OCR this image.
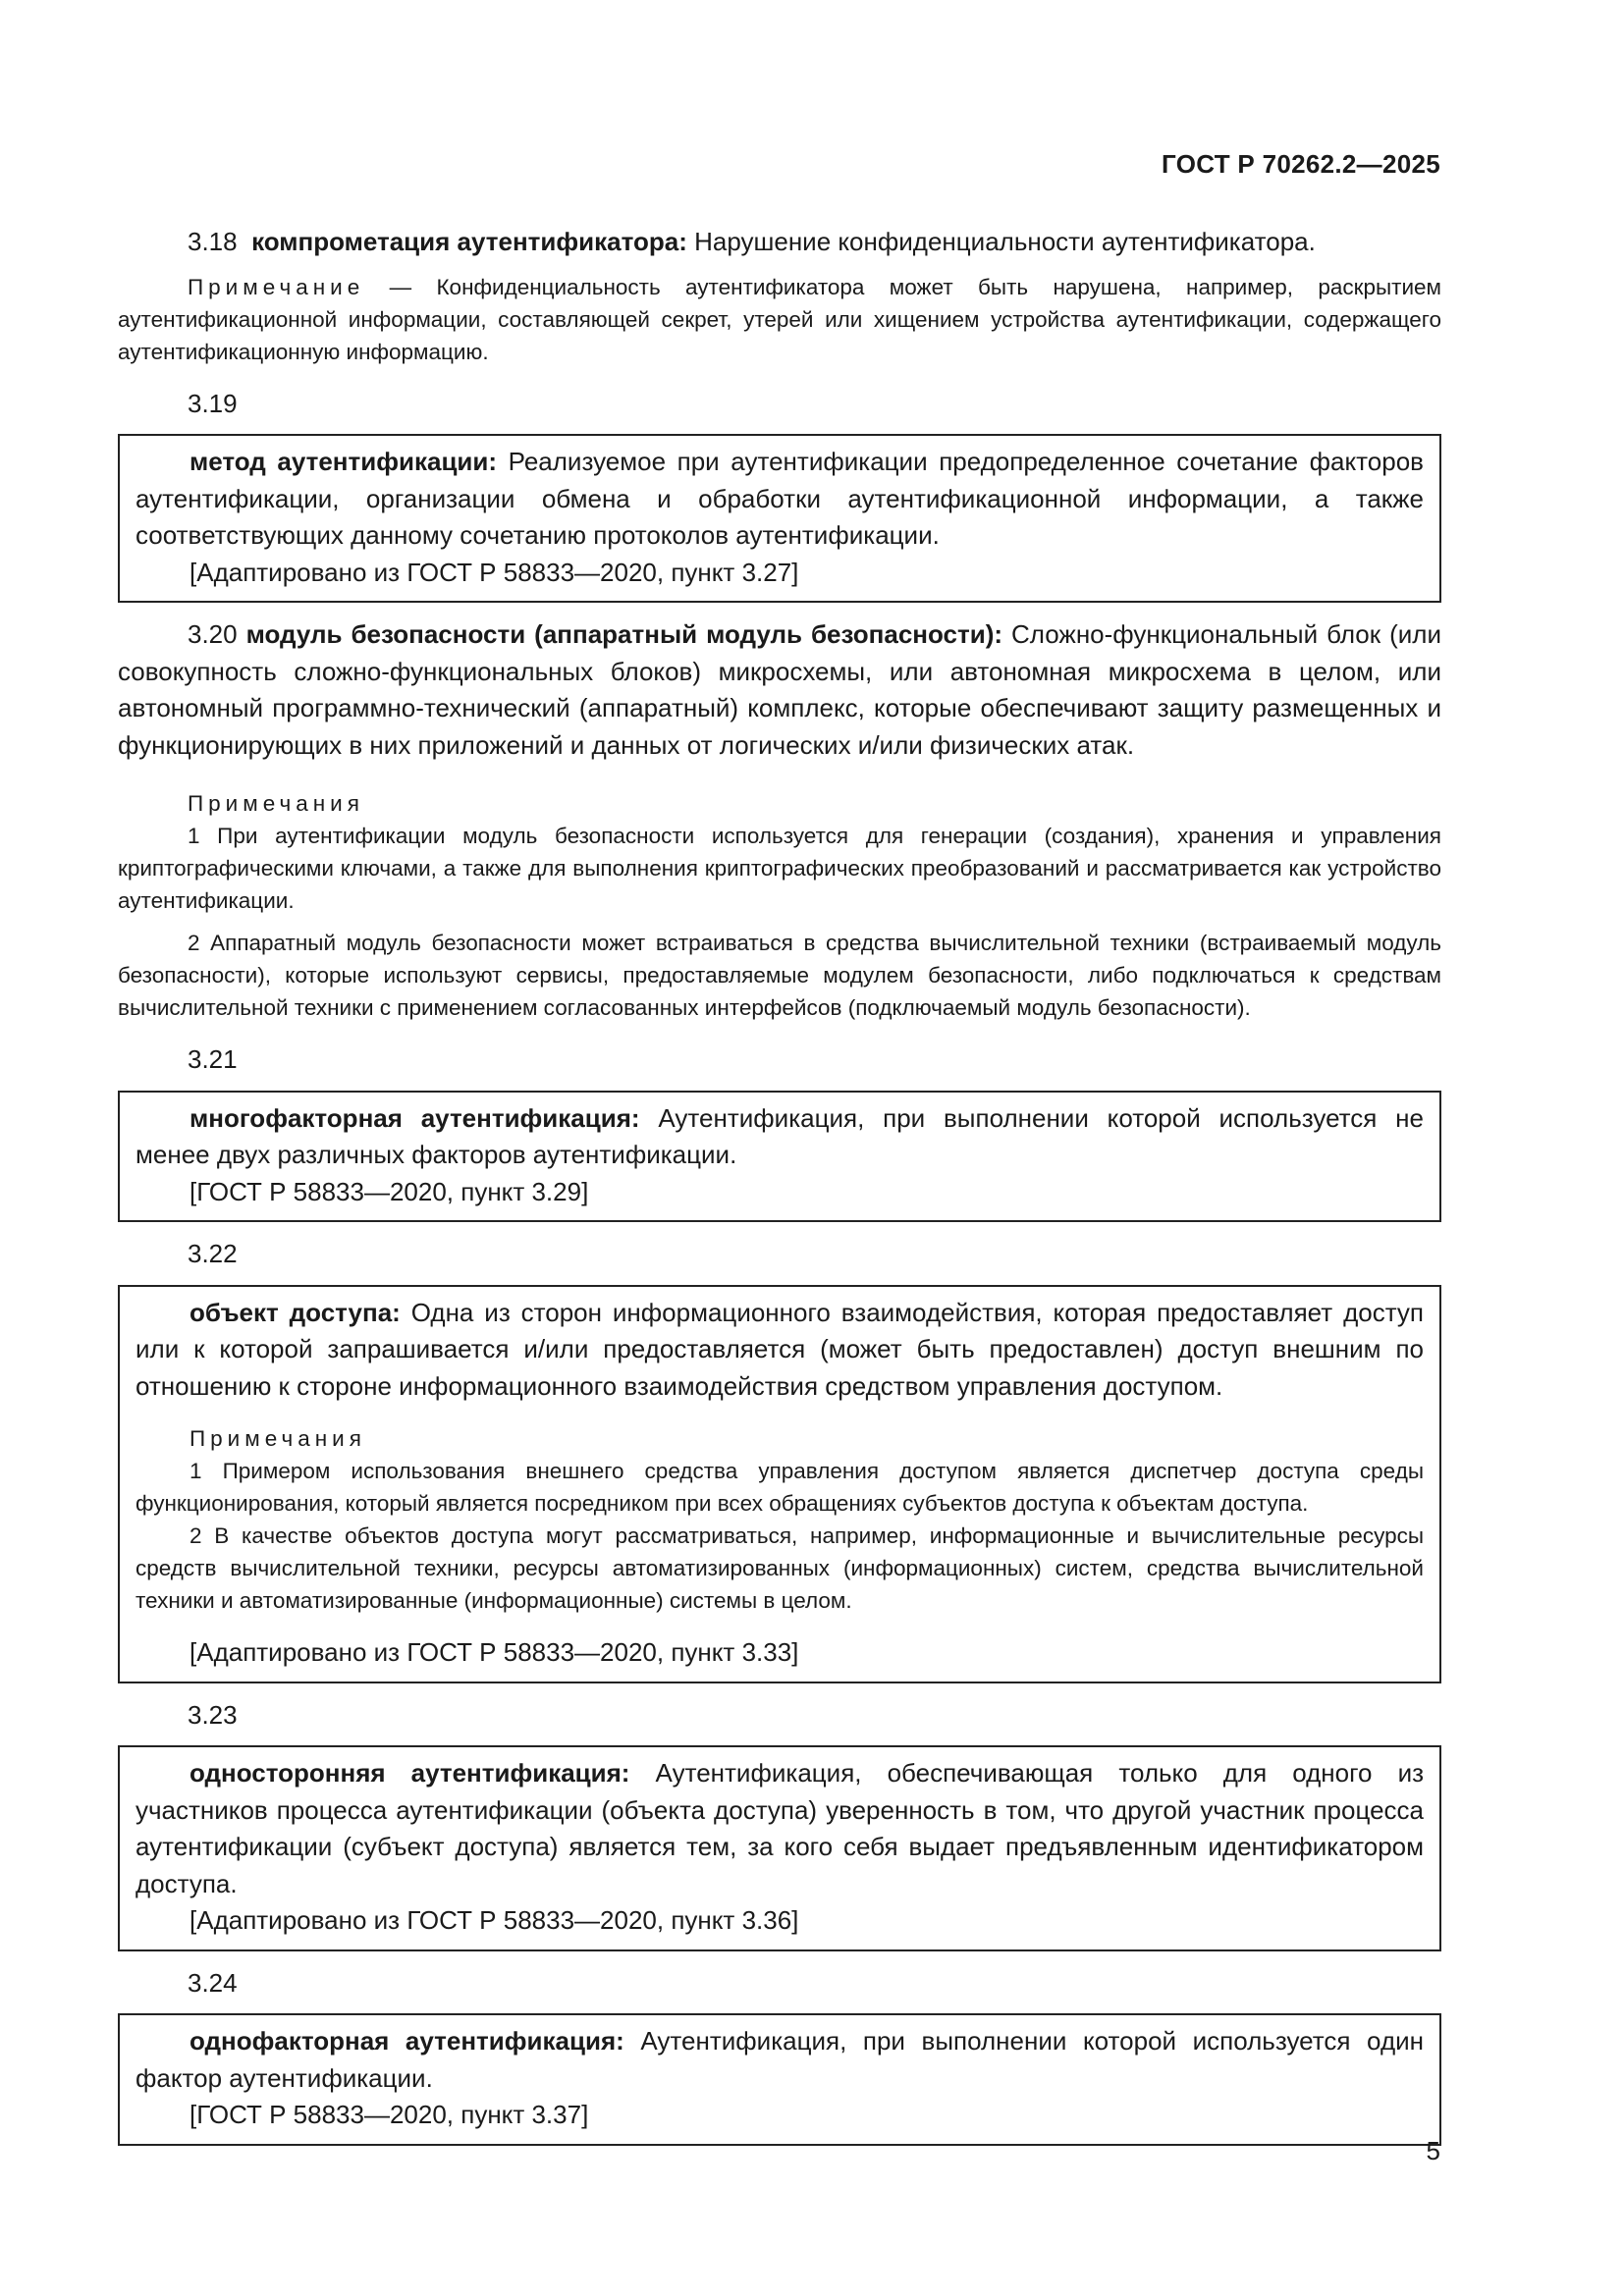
ГОСТ Р 70262.2—2025

3.18 компрометация аутентификатора: Нарушение конфиденциальности аутентификатора.

Примечание — Конфиденциальность аутентификатора может быть нарушена, например, раскрытием аутентификационной информации, составляющей секрет, утерей или хищением устройства аутентификации, содержащего аутентификационную информацию.

3.19

метод аутентификации: Реализуемое при аутентификации предопределенное сочетание факторов аутентификации, организации обмена и обработки аутентификационной информации, а также соответствующих данному сочетанию протоколов аутентификации.

[Адаптировано из ГОСТ Р 58833—2020, пункт 3.27]

3.20 модуль безопасности (аппаратный модуль безопасности): Сложно-функциональный блок (или совокупность сложно-функциональных блоков) микросхемы, или автономная микросхема в целом, или автономный программно-технический (аппаратный) комплекс, которые обеспечивают защиту размещенных и функционирующих в них приложений и данных от логических и/или физических атак.

Примечания

1 При аутентификации модуль безопасности используется для генерации (создания), хранения и управления криптографическими ключами, а также для выполнения криптографических преобразований и рассматривается как устройство аутентификации.

2 Аппаратный модуль безопасности может встраиваться в средства вычислительной техники (встраиваемый модуль безопасности), которые используют сервисы, предоставляемые модулем безопасности, либо подключаться к средствам вычислительной техники с применением согласованных интерфейсов (подключаемый модуль безопасности).

3.21

многофакторная аутентификация: Аутентификация, при выполнении которой используется не менее двух различных факторов аутентификации.

[ГОСТ Р 58833—2020, пункт 3.29]

3.22

объект доступа: Одна из сторон информационного взаимодействия, которая предоставляет доступ или к которой запрашивается и/или предоставляется (может быть предоставлен) доступ внешним по отношению к стороне информационного взаимодействия средством управления доступом.

Примечания

1 Примером использования внешнего средства управления доступом является диспетчер доступа среды функционирования, который является посредником при всех обращениях субъектов доступа к объектам доступа.

2 В качестве объектов доступа могут рассматриваться, например, информационные и вычислительные ресурсы средств вычислительной техники, ресурсы автоматизированных (информационных) систем, средства вычислительной техники и автоматизированные (информационные) системы в целом.

[Адаптировано из ГОСТ Р 58833—2020, пункт 3.33]

3.23

односторонняя аутентификация: Аутентификация, обеспечивающая только для одного из участников процесса аутентификации (объекта доступа) уверенность в том, что другой участник процесса аутентификации (субъект доступа) является тем, за кого себя выдает предъявленным идентификатором доступа.

[Адаптировано из ГОСТ Р 58833—2020, пункт 3.36]

3.24

однофакторная аутентификация: Аутентификация, при выполнении которой используется один фактор аутентификации.

[ГОСТ Р 58833—2020, пункт 3.37]

5
